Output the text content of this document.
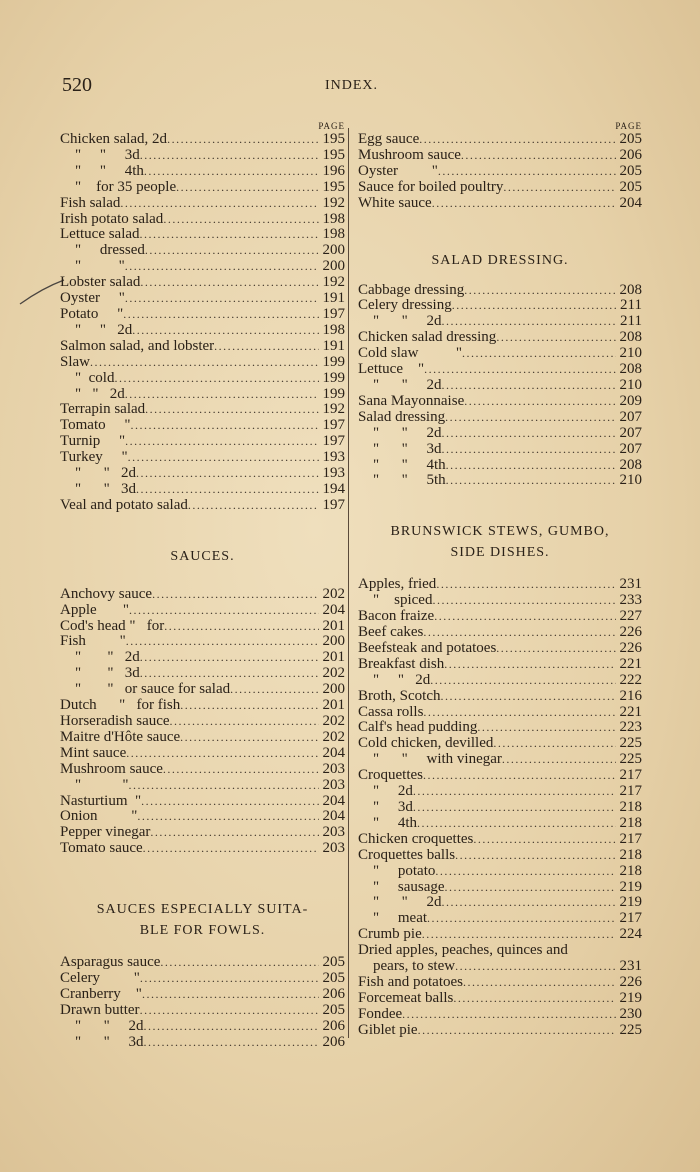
520	INDEX.
PAGE
Chicken salad, 2d .....	195
"     "     3d .....	195
"     "     4th .....	196
"    for 35 people .....	195
Fish salad .....	192
Irish potato salad .....	198
Lettuce salad .....	198
"     dressed .....	200
"          " .....	200
Lobster salad .....	192
Oyster     " .....	191
Potato     " .....	197
"     "   2d .....	198
Salmon salad, and lobster .....	191
Slaw .....	199
"  cold .....	199
"   "   2d .....	199
Terrapin salad .....	192
Tomato     " .....	197
Turnip     " .....	197
Turkey     " .....	193
"      "   2d .....	193
"      "   3d .....	194
Veal and potato salad .....	197
SAUCES.
Anchovy sauce .....	202
Apple       " .....	204
Cod's head "   for .....	201
Fish         " .....	200
"       "   2d .....	201
"       "   3d .....	202
"       "   or sauce for salad .....	200
Dutch      "   for fish .....	201
Horseradish sauce .....	202
Maitre d'Hôte sauce .....	202
Mint sauce .....	204
Mushroom sauce .....	203
"           " .....	203
Nasturtium  " .....	204
Onion         " .....	204
Pepper vinegar .....	203
Tomato sauce .....	203
SAUCES ESPECIALLY SUITA-
BLE FOR FOWLS.
Asparagus sauce .....	205
Celery         " .....	205
Cranberry    " .....	206
Drawn butter .....	205
"      "     2d .....	206
"      "     3d .....	206
PAGE
Egg sauce .....	205
Mushroom sauce .....	206
Oyster         " .....	205
Sauce for boiled poultry .....	205
White sauce .....	204
SALAD DRESSING.
Cabbage dressing .....	208
Celery dressing .....	211
"      "     2d .....	211
Chicken salad dressing .....	208
Cold slaw          " .....	210
Lettuce    " .....	208
"      "     2d .....	210
Sana Mayonnaise .....	209
Salad dressing .....	207
"      "     2d .....	207
"      "     3d .....	207
"      "     4th .....	208
"      "     5th .....	210
BRUNSWICK STEWS, GUMBO,
SIDE DISHES.
Apples, fried .....	231
"    spiced .....	233
Bacon fraize .....	227
Beef cakes .....	226
Beefsteak and potatoes .....	226
Breakfast dish .....	221
"     "   2d .....	222
Broth, Scotch .....	216
Cassa rolls .....	221
Calf's head pudding .....	223
Cold chicken, devilled .....	225
"      "     with vinegar .....	225
Croquettes .....	217
"     2d .....	217
"     3d .....	218
"     4th .....	218
Chicken croquettes .....	217
Croquettes balls .....	218
"     potato .....	218
"     sausage .....	219
"      "     2d .....	219
"     meat .....	217
Crumb pie .....	224
Dried apples, peaches, quinces and
pears, to stew .....	231
Fish and potatoes .....	226
Forcemeat balls .....	219
Fondee .....	230
Giblet pie .....	225
